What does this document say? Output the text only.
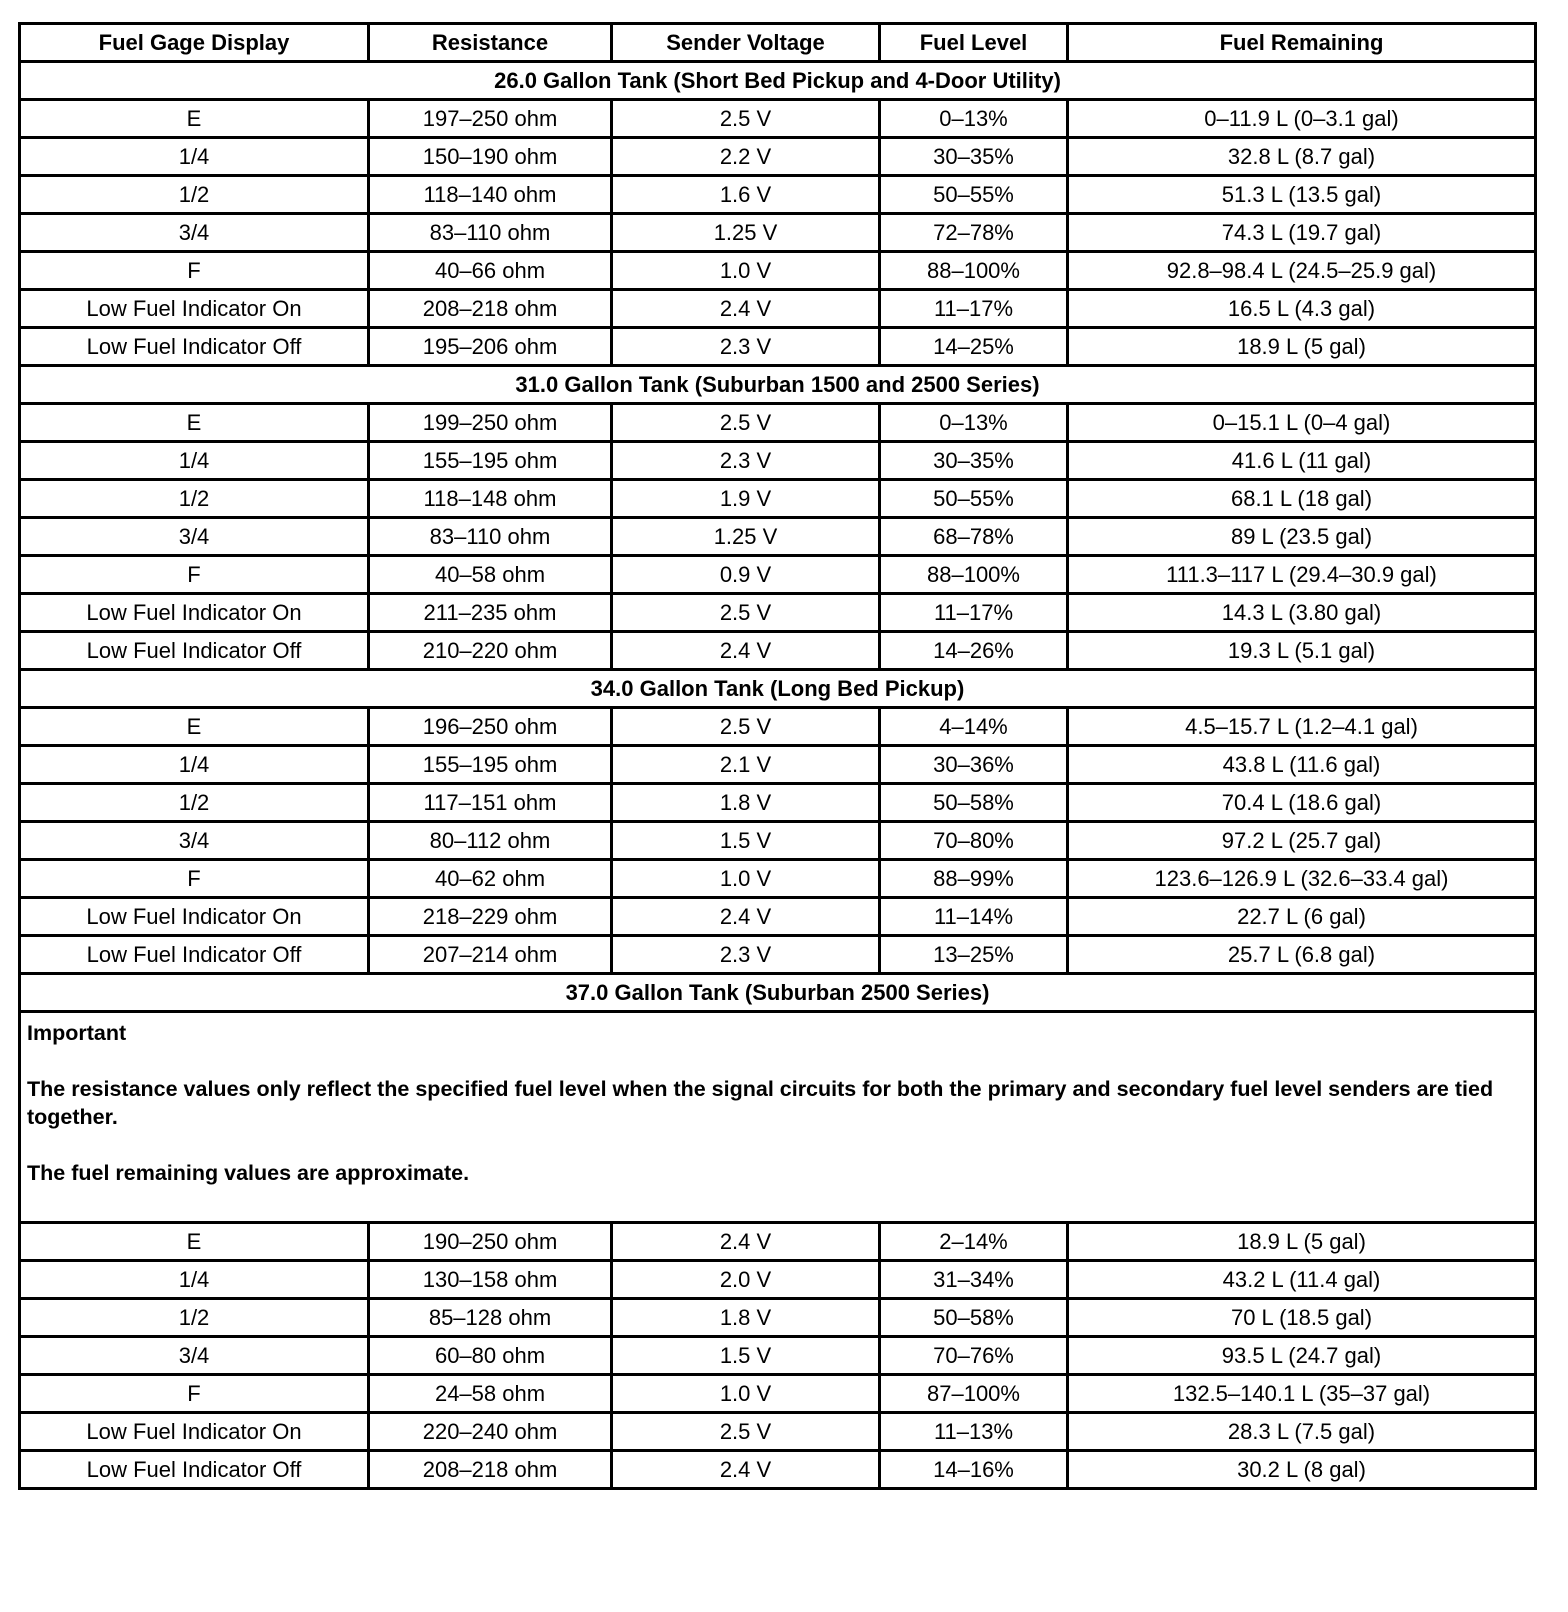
Fuel Gage Display	Resistance	Sender Voltage	Fuel Level	Fuel Remaining
26.0 Gallon Tank (Short Bed Pickup and 4-Door Utility)				
E	197–250 ohm	2.5 V	0–13%	0–11.9 L (0–3.1 gal)
1/4	150–190 ohm	2.2 V	30–35%	32.8 L (8.7 gal)
1/2	118–140 ohm	1.6 V	50–55%	51.3 L (13.5 gal)
3/4	83–110 ohm	1.25 V	72–78%	74.3 L (19.7 gal)
F	40–66 ohm	1.0 V	88–100%	92.8–98.4 L (24.5–25.9 gal)
Low Fuel Indicator On	208–218 ohm	2.4 V	11–17%	16.5 L (4.3 gal)
Low Fuel Indicator Off	195–206 ohm	2.3 V	14–25%	18.9 L (5 gal)
31.0 Gallon Tank (Suburban 1500 and 2500 Series)				
E	199–250 ohm	2.5 V	0–13%	0–15.1 L (0–4 gal)
1/4	155–195 ohm	2.3 V	30–35%	41.6 L (11 gal)
1/2	118–148 ohm	1.9 V	50–55%	68.1 L (18 gal)
3/4	83–110 ohm	1.25 V	68–78%	89 L (23.5 gal)
F	40–58 ohm	0.9 V	88–100%	111.3–117 L (29.4–30.9 gal)
Low Fuel Indicator On	211–235 ohm	2.5 V	11–17%	14.3 L (3.80 gal)
Low Fuel Indicator Off	210–220 ohm	2.4 V	14–26%	19.3 L (5.1 gal)
34.0 Gallon Tank (Long Bed Pickup)				
E	196–250 ohm	2.5 V	4–14%	4.5–15.7 L (1.2–4.1 gal)
1/4	155–195 ohm	2.1 V	30–36%	43.8 L (11.6 gal)
1/2	117–151 ohm	1.8 V	50–58%	70.4 L (18.6 gal)
3/4	80–112 ohm	1.5 V	70–80%	97.2 L (25.7 gal)
F	40–62 ohm	1.0 V	88–99%	123.6–126.9 L (32.6–33.4 gal)
Low Fuel Indicator On	218–229 ohm	2.4 V	11–14%	22.7 L (6 gal)
Low Fuel Indicator Off	207–214 ohm	2.3 V	13–25%	25.7 L (6.8 gal)
37.0 Gallon Tank (Suburban 2500 Series)				

Important

The resistance values only reflect the specified fuel level when the signal circuits for both the primary and secondary fuel level senders are tied together.

The fuel remaining values are approximate.				

E	190–250 ohm	2.4 V	2–14%	18.9 L (5 gal)
1/4	130–158 ohm	2.0 V	31–34%	43.2 L (11.4 gal)
1/2	85–128 ohm	1.8 V	50–58%	70 L (18.5 gal)
3/4	60–80 ohm	1.5 V	70–76%	93.5 L (24.7 gal)
F	24–58 ohm	1.0 V	87–100%	132.5–140.1 L (35–37 gal)
Low Fuel Indicator On	220–240 ohm	2.5 V	11–13%	28.3 L (7.5 gal)
Low Fuel Indicator Off	208–218 ohm	2.4 V	14–16%	30.2 L (8 gal)
